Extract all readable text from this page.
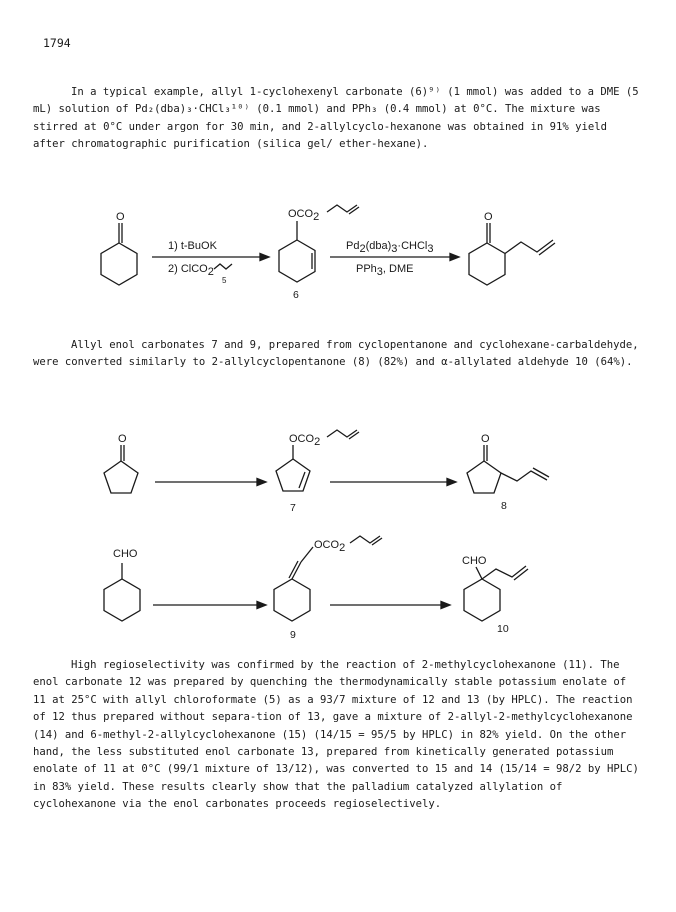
1794

In a typical example, allyl 1-cyclohexenyl carbonate (6)⁹⁾ (1 mmol) was added to a DME (5 mL) solution of Pd₂(dba)₃·CHCl₃¹⁰⁾ (0.1 mmol) and PPh₃ (0.4 mmol) at 0°C. The mixture was stirred at 0°C under argon for 30 min, and 2-allylcyclo-hexanone was obtained in 91% yield after chromatographic purification (silica gel/ ether-hexane).

O
1) t-BuOK
2) ClCO2
5
OCO2
6
Pd2(dba)3·CHCl3
PPh3, DME
O

Allyl enol carbonates 7 and 9, prepared from cyclopentanone and cyclohexane-carbaldehyde, were converted similarly to 2-allylcyclopentanone (8) (82%) and α-allylated aldehyde 10 (64%).

O	OCO2
7
O
8
CHO
OCO2
9
CHO
10

High regioselectivity was confirmed by the reaction of 2-methylcyclohexanone (11). The enol carbonate 12 was prepared by quenching the thermodynamically stable potassium enolate of 11 at 25°C with allyl chloroformate (5) as a 93/7 mixture of 12 and 13 (by HPLC). The reaction of 12 thus prepared without separa-tion of 13, gave a mixture of 2-allyl-2-methylcyclohexanone (14) and 6-methyl-2-allylcyclohexanone (15) (14/15 = 95/5 by HPLC) in 82% yield. On the other hand, the less substituted enol carbonate 13, prepared from kinetically generated potassium enolate of 11 at 0°C (99/1 mixture of 13/12), was converted to 15 and 14 (15/14 = 98/2 by HPLC) in 83% yield. These results clearly show that the palladium catalyzed allylation of cyclohexanone via the enol carbonates proceeds regioselectively.
